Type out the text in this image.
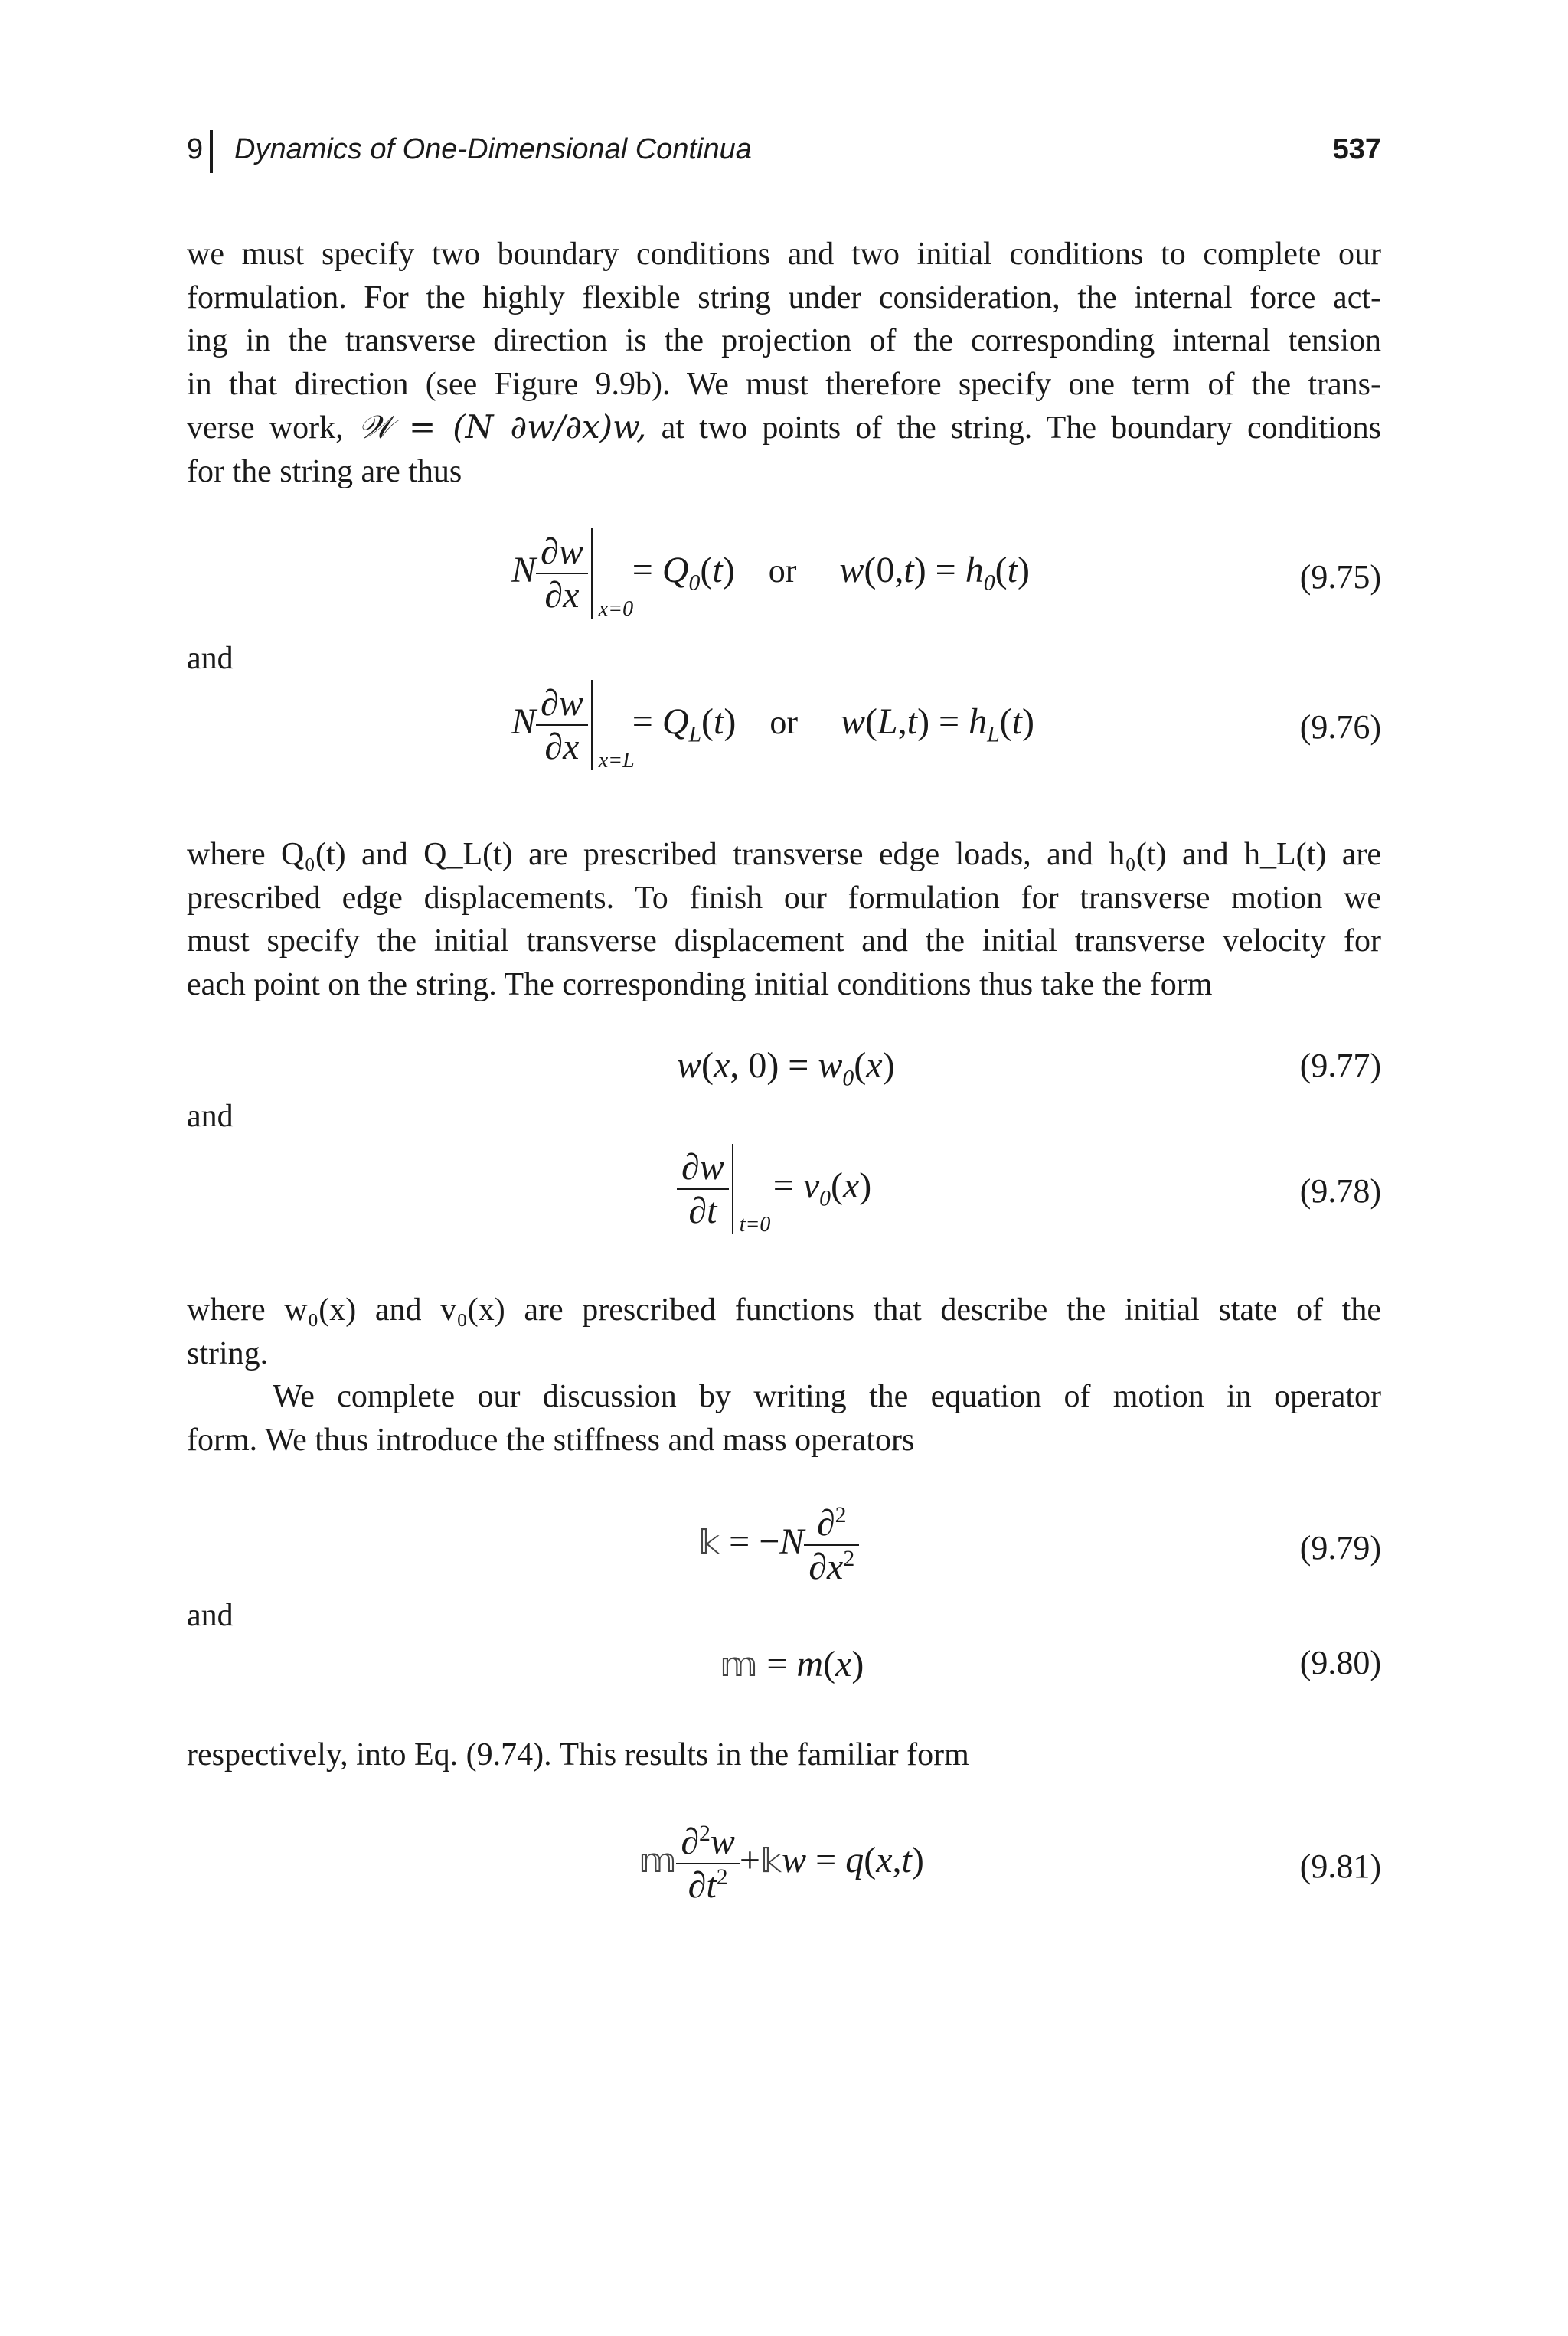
9 Dynamics of One-Dimensional Continua	537
we must specify two boundary conditions and two initial conditions to complete our
formulation. For the highly flexible string under consideration, the internal force act-
ing in the transverse direction is the projection of the corresponding internal tension
in that direction (see Figure 9.9b). We must therefore specify one term of the trans-
verse work, 𝒲 = (N ∂w/∂x)w, at two points of the string. The boundary conditions
for the string are thus
N $\frac{\partial w}{\partial x} x=0$
= $Q_0(t)$ or $w(0,t) = h_0(t)$	(9.75)
and
N $\frac{\partial w}{\partial x} x=L$
= $Q_L(t)$ or $w(L,t) = h_L(t)$	(9.76)
where Q₀(t) and Q_L(t) are prescribed transverse edge loads, and h₀(t) and h_L(t) are
prescribed edge displacements. To finish our formulation for transverse motion we
must specify the initial transverse displacement and the initial transverse velocity for
each point on the string. The corresponding initial conditions thus take the form
w(x, $0) = w_0(x)$	(9.77)
and
$\frac{\partial w}{\partial t} t=0$
= $v_0(x)$	(9.78)
where w₀(x) and v₀(x) are prescribed functions that describe the initial state of the
string.
We complete our discussion by writing the equation of motion in operator
form. We thus introduce the stiffness and mass operators
𝕜 = $-N \frac{\partial^2}{\partial x^2}$	(9.79)
and
𝕞 = m(x)	(9.80)
respectively, into Eq. (9.74). This results in the familiar form
𝕞 $\frac{\partial^2w}{\partial t^2}$ +𝕜w = q(x,t)	(9.81)
